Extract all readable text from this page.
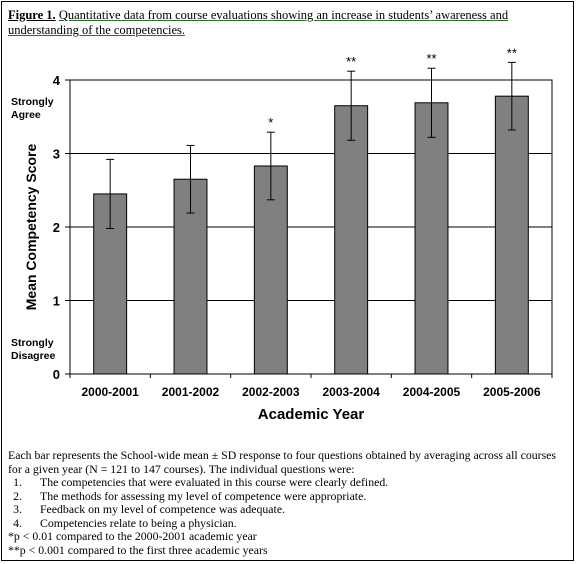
Figure 1. Quantitative data from course evaluations showing an increase in students’ awareness and understanding of the competencies.
0
1
2
3
4
2000-2001 2001-2002
*
2002-2003
**
2003-2004
**
2004-2005
**
2005-2006
Academic Year
Mean Competency Score
Strongly
Agree
Strongly
Disagree
Each bar represents the School-wide mean ± SD response to four questions obtained by averaging across all courses for a given year (N = 121 to 147 courses). The individual questions were:
1. The competencies that were evaluated in this course were clearly defined.
2. The methods for assessing my level of competence were appropriate.
3. Feedback on my level of competence was adequate.
4. Competencies relate to being a physician.
*p < 0.01 compared to the 2000-2001 academic year
**p < 0.001 compared to the first three academic years
